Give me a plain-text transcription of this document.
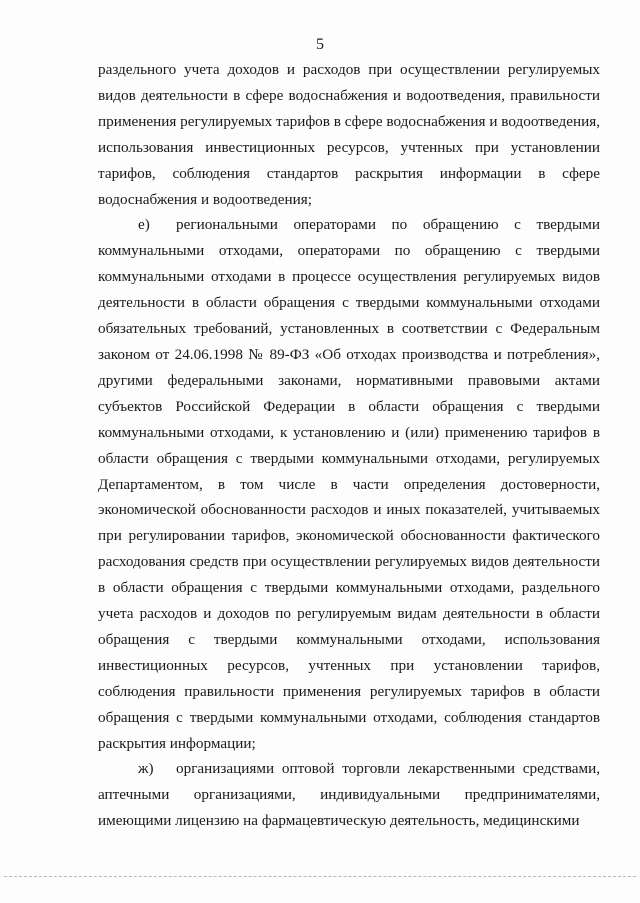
5

раздельного учета доходов и расходов при осуществлении регулируемых видов деятельности в сфере водоснабжения и водоотведения, правильности применения регулируемых тарифов в сфере водоснабжения и водоотведения, использования инвестиционных ресурсов, учтенных при установлении тарифов, соблюдения стандартов раскрытия информации в сфере водоснабжения и водоотведения;

е) региональными операторами по обращению с твердыми коммунальными отходами, операторами по обращению с твердыми коммунальными отходами в процессе осуществления регулируемых видов деятельности в области обращения с твердыми коммунальными отходами обязательных требований, установленных в соответствии с Федеральным законом от 24.06.1998 № 89-ФЗ «Об отходах производства и потребления», другими федеральными законами, нормативными правовыми актами субъектов Российской Федерации в области обращения с твердыми коммунальными отходами, к установлению и (или) применению тарифов в области обращения с твердыми коммунальными отходами, регулируемых Департаментом, в том числе в части определения достоверности, экономической обоснованности расходов и иных показателей, учитываемых при регулировании тарифов, экономической обоснованности фактического расходования средств при осуществлении регулируемых видов деятельности в области обращения с твердыми коммунальными отходами, раздельного учета расходов и доходов по регулируемым видам деятельности в области обращения с твердыми коммунальными отходами, использования инвестиционных ресурсов, учтенных при установлении тарифов, соблюдения правильности применения регулируемых тарифов в области обращения с твердыми коммунальными отходами, соблюдения стандартов раскрытия информации;

ж) организациями оптовой торговли лекарственными средствами, аптечными организациями, индивидуальными предпринимателями, имеющими лицензию на фармацевтическую деятельность, медицинскими
